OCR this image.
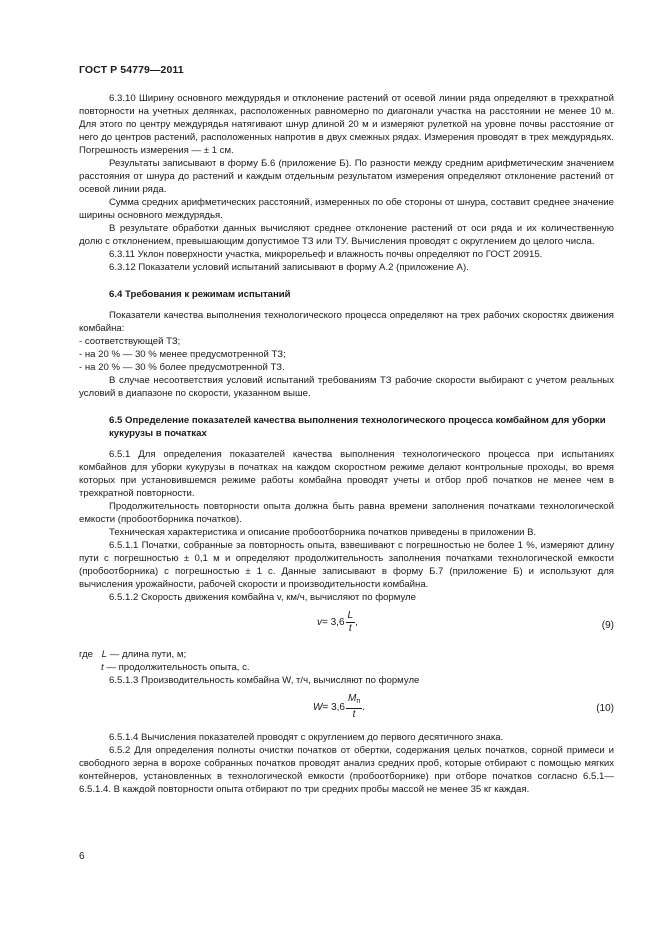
ГОСТ Р 54779—2011

6.3.10 Ширину основного междурядья и отклонение растений от осевой линии ряда определяют в трехкратной повторности на учетных делянках, расположенных равномерно по диагонали участка на расстоянии не менее 10 м. Для этого по центру междурядья натягивают шнур длиной 20 м и измеряют рулеткой на уровне почвы расстояние от него до центров растений, расположенных напротив в двух смежных рядах. Измерения проводят в трех междурядьях. Погрешность измерения — ± 1 см.

Результаты записывают в форму Б.6 (приложение Б). По разности между средним арифметическим значением расстояния от шнура до растений и каждым отдельным результатом измерения определяют отклонение растений от осевой линии ряда.

Сумма средних арифметических расстояний, измеренных по обе стороны от шнура, составит среднее значение ширины основного междурядья.

В результате обработки данных вычисляют среднее отклонение растений от оси ряда и их количественную долю с отклонением, превышающим допустимое ТЗ или ТУ. Вычисления проводят с округлением до целого числа.

6.3.11 Уклон поверхности участка, микрорельеф и влажность почвы определяют по ГОСТ 20915.

6.3.12 Показатели условий испытаний записывают в форму А.2 (приложение А).

6.4 Требования к режимам испытаний

Показатели качества выполнения технологического процесса определяют на трех рабочих скоростях движения комбайна:

- соответствующей ТЗ;

- на 20 % — 30 % менее предусмотренной ТЗ;

- на 20 % — 30 % более предусмотренной ТЗ.

В случае несоответствия условий испытаний требованиям ТЗ рабочие скорости выбирают с учетом реальных условий в диапазоне по скорости, указанном выше.

6.5 Определение показателей качества выполнения технологического процесса комбайном для уборки кукурузы в початках

6.5.1 Для определения показателей качества выполнения технологического процесса при испытаниях комбайнов для уборки кукурузы в початках на каждом скоростном режиме делают контрольные проходы, во время которых при установившемся режиме работы комбайна проводят учеты и отбор проб початков не менее чем в трехкратной повторности.

Продолжительность повторности опыта должна быть равна времени заполнения початками технологической емкости (пробоотборника початков).

Техническая характеристика и описание пробоотборника початков приведены в приложении В.

6.5.1.1 Початки, собранные за повторность опыта, взвешивают с погрешностью не более 1 %, измеряют длину пути с погрешностью ± 0,1 м и определяют продолжительность заполнения початками технологической емкости (пробоотборника) с погрешностью ± 1 с. Данные записывают в форму Б.7 (приложение Б) и используют для вычисления урожайности, рабочей скорости и производительности комбайна.

6.5.1.2 Скорость движения комбайна v, км/ч, вычисляют по формуле

$v = 3,6 \frac{L}{t}$ ,	(9)

где L — длина пути, м;

t — продолжительность опыта, с.

6.5.1.3 Производительность комбайна W, т/ч, вычисляют по формуле

$W = 3,6 \frac{M_п}{t}$ .	(10)

6.5.1.4 Вычисления показателей проводят с округлением до первого десятичного знака.

6.5.2 Для определения полноты очистки початков от обертки, содержания целых початков, сорной примеси и свободного зерна в ворохе собранных початков проводят анализ средних проб, которые отбирают с помощью мягких контейнеров, установленных в технологической емкости (пробоотборнике) при отборе початков согласно 6.5.1—6.5.1.4. В каждой повторности опыта отбирают по три средних пробы массой не менее 35 кг каждая.

6
